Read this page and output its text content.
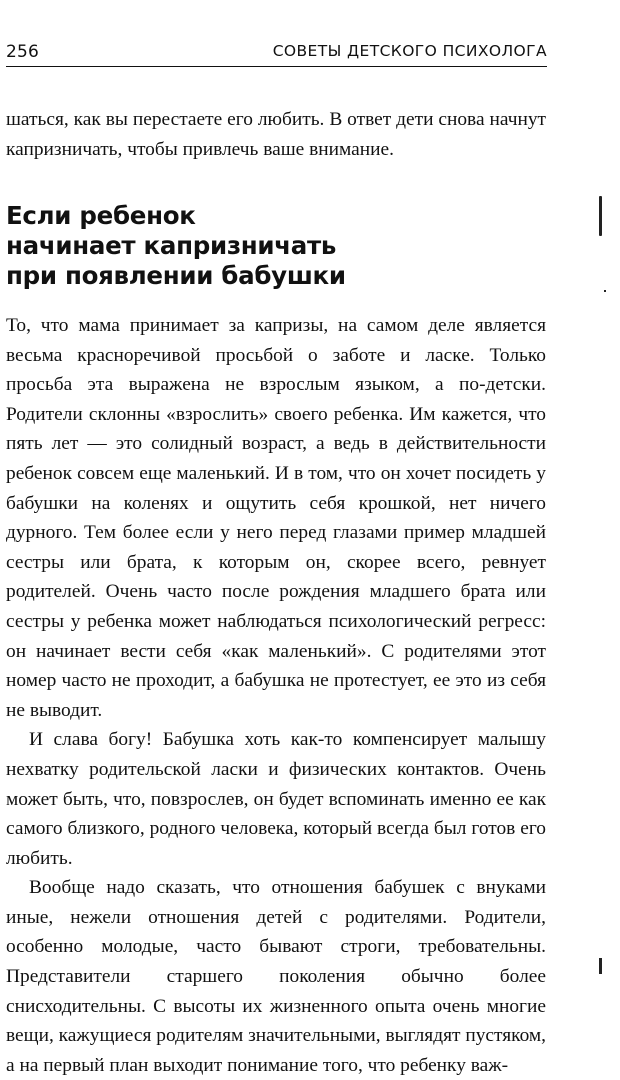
256	СОВЕТЫ ДЕТСКОГО ПСИХОЛОГА

шаться, как вы перестаете его любить. В ответ дети снова начнут капризничать, чтобы привлечь ваше внимание.

Если ребенок
начинает капризничать
при появлении бабушки

То, что мама принимает за капризы, на самом деле является весьма красноречивой просьбой о заботе и ласке. Только просьба эта выражена не взрослым языком, а по-детски. Родители склонны «взрослить» своего ребенка. Им кажется, что пять лет — это солидный возраст, а ведь в действительности ребенок совсем еще маленький. И в том, что он хочет посидеть у бабушки на коленях и ощутить себя крошкой, нет ничего дурного. Тем более если у него перед глазами пример младшей сестры или брата, к которым он, скорее всего, ревнует родителей. Очень часто после рождения младшего брата или сестры у ребенка может наблюдаться психологический регресс: он начинает вести себя «как маленький». С родителями этот номер часто не проходит, а бабушка не протестует, ее это из себя не выводит.

И слава богу! Бабушка хоть как-то компенсирует малышу нехватку родительской ласки и физических контактов. Очень может быть, что, повзрослев, он будет вспоминать именно ее как самого близкого, родного человека, который всегда был готов его любить.

Вообще надо сказать, что отношения бабушек с внуками иные, нежели отношения детей с родителями. Родители, особенно молодые, часто бывают строги, требовательны. Представители старшего поколения обычно более снисходительны. С высоты их жизненного опыта очень многие вещи, кажущиеся родителям значительными, выглядят пустяком, а на первый план выходит понимание того, что ребенку важ-
